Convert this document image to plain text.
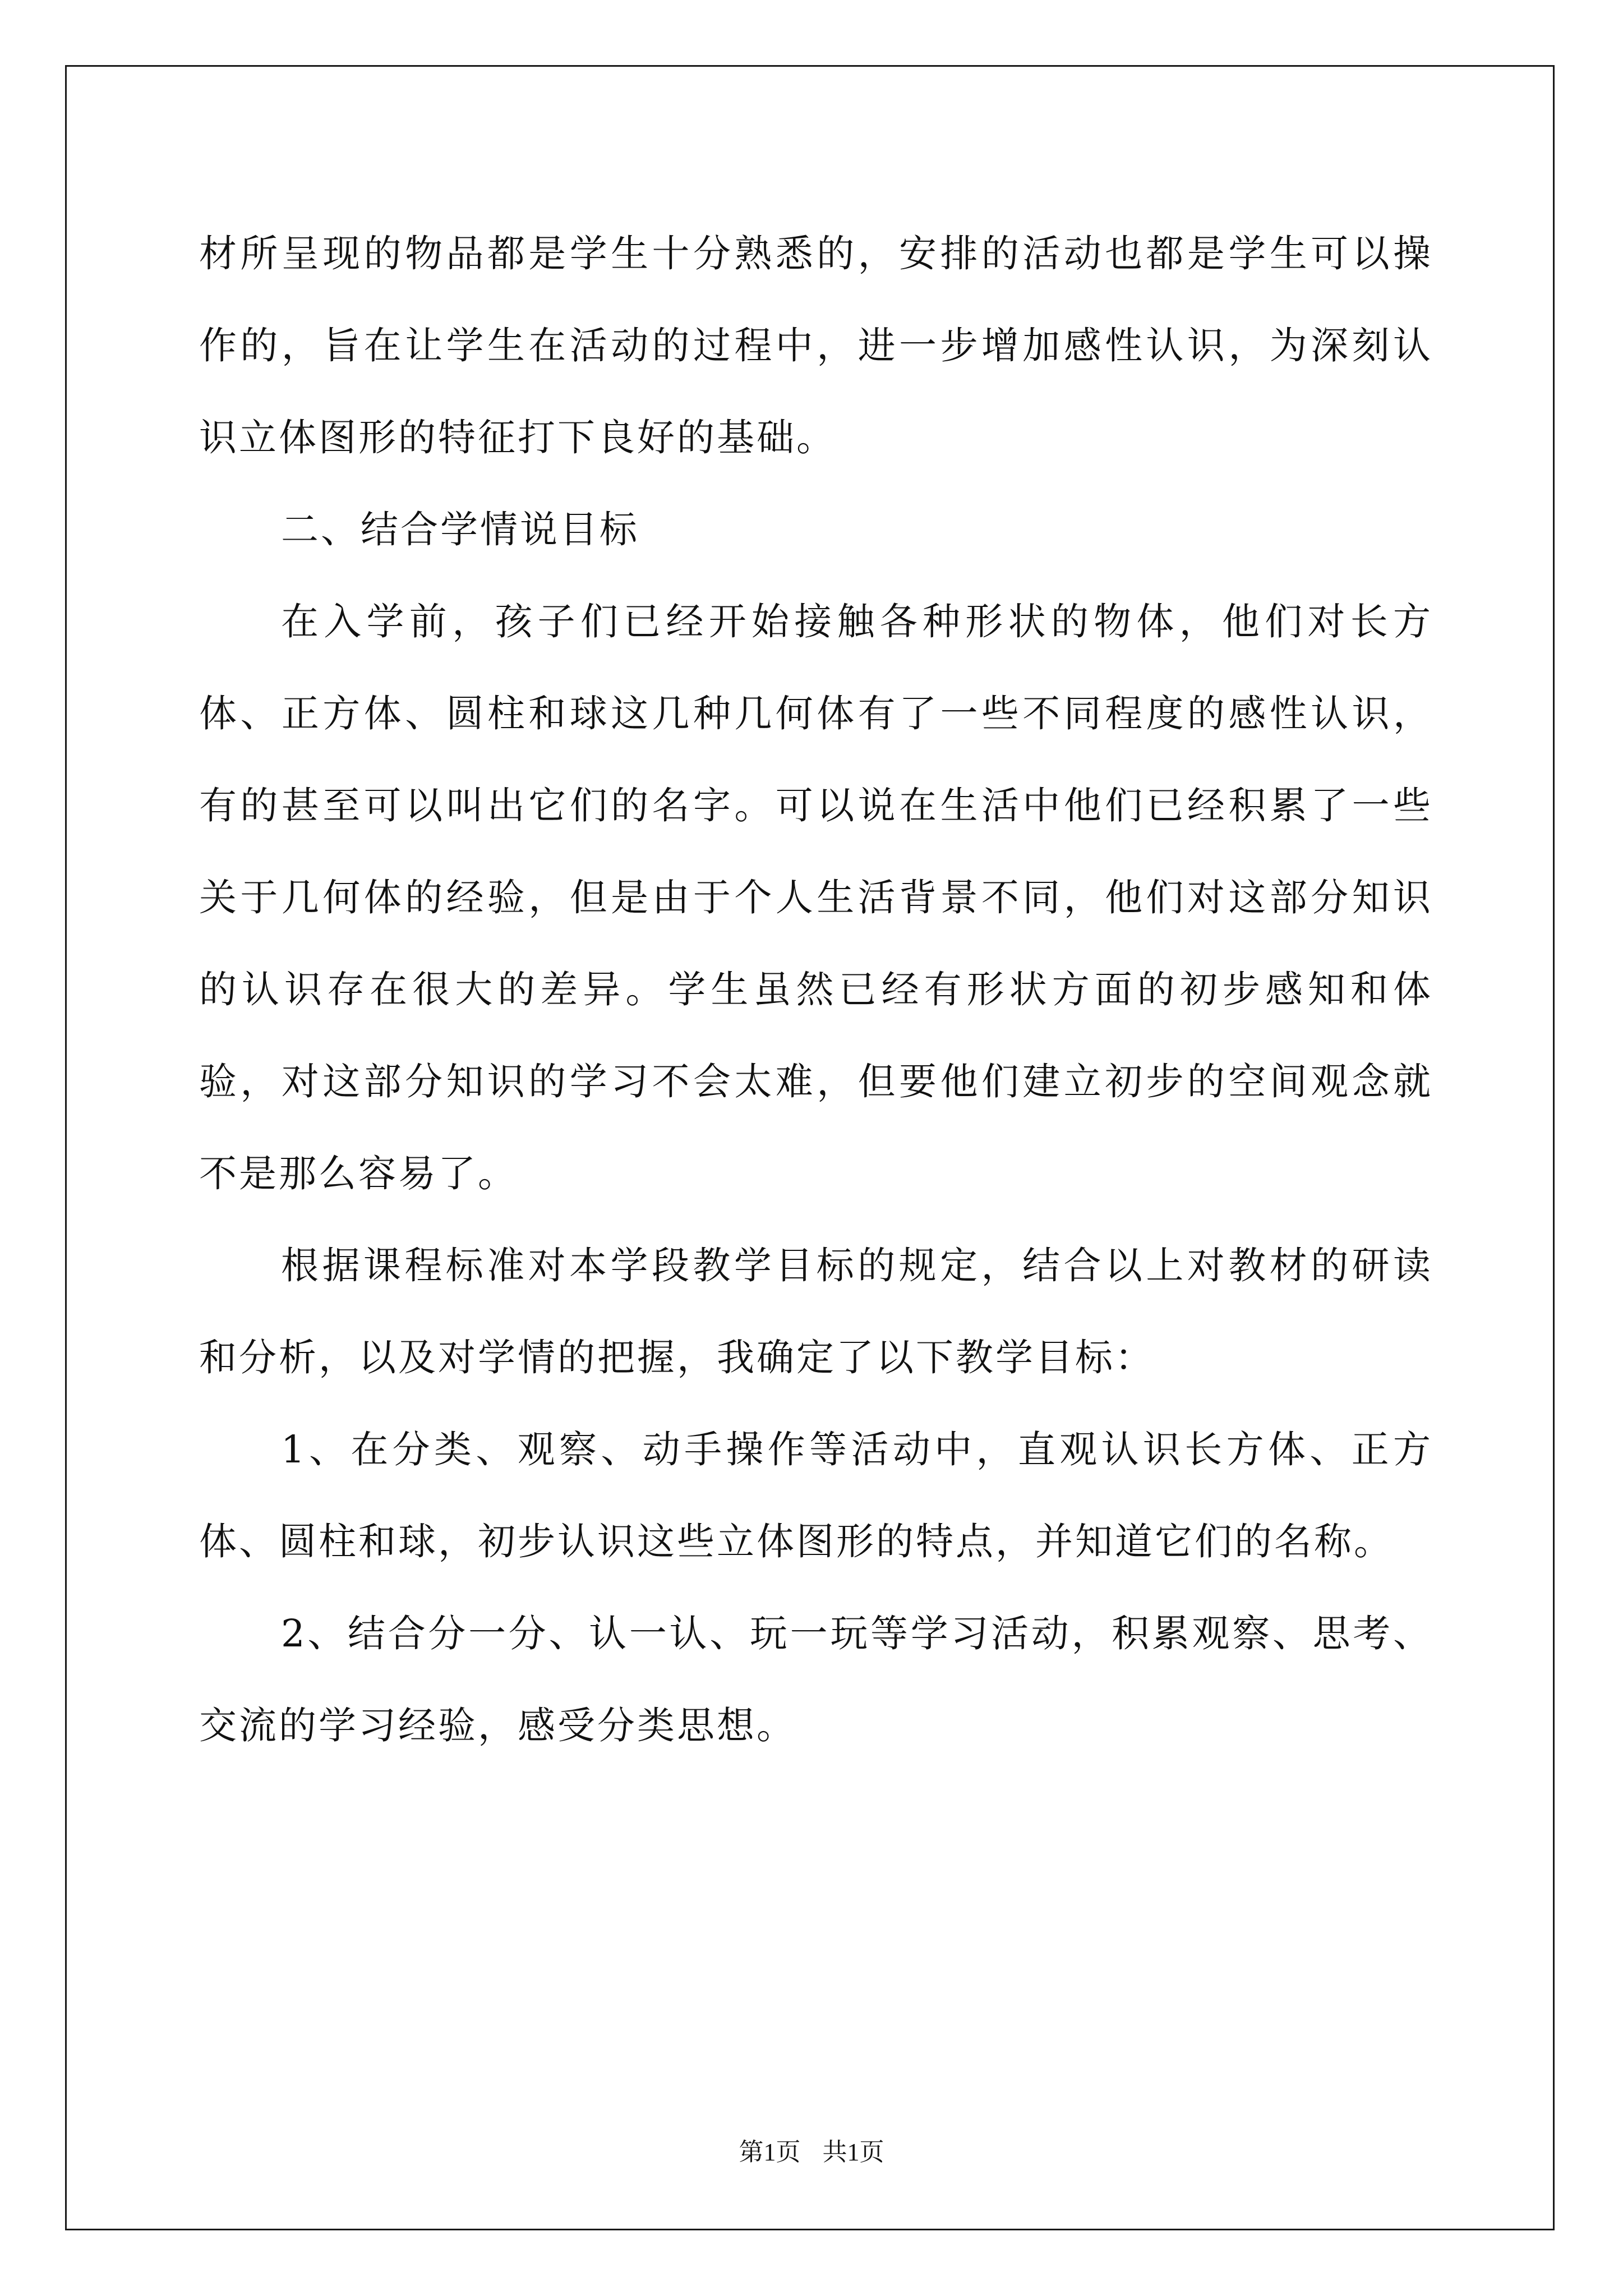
材所呈现的物品都是学生十分熟悉的，安排的活动也都是学生可以操作的，旨在让学生在活动的过程中，进一步增加感性认识，为深刻认识立体图形的特征打下良好的基础。

二、结合学情说目标

在入学前，孩子们已经开始接触各种形状的物体，他们对长方体、正方体、圆柱和球这几种几何体有了一些不同程度的感性认识，有的甚至可以叫出它们的名字。可以说在生活中他们已经积累了一些关于几何体的经验，但是由于个人生活背景不同，他们对这部分知识的认识存在很大的差异。学生虽然已经有形状方面的初步感知和体验，对这部分知识的学习不会太难，但要他们建立初步的空间观念就不是那么容易了。

根据课程标准对本学段教学目标的规定，结合以上对教材的研读和分析，以及对学情的把握，我确定了以下教学目标：

1、在分类、观察、动手操作等活动中，直观认识长方体、正方体、圆柱和球，初步认识这些立体图形的特点，并知道它们的名称。

2、结合分一分、认一认、玩一玩等学习活动，积累观察、思考、交流的学习经验，感受分类思想。

第1页 共1页
